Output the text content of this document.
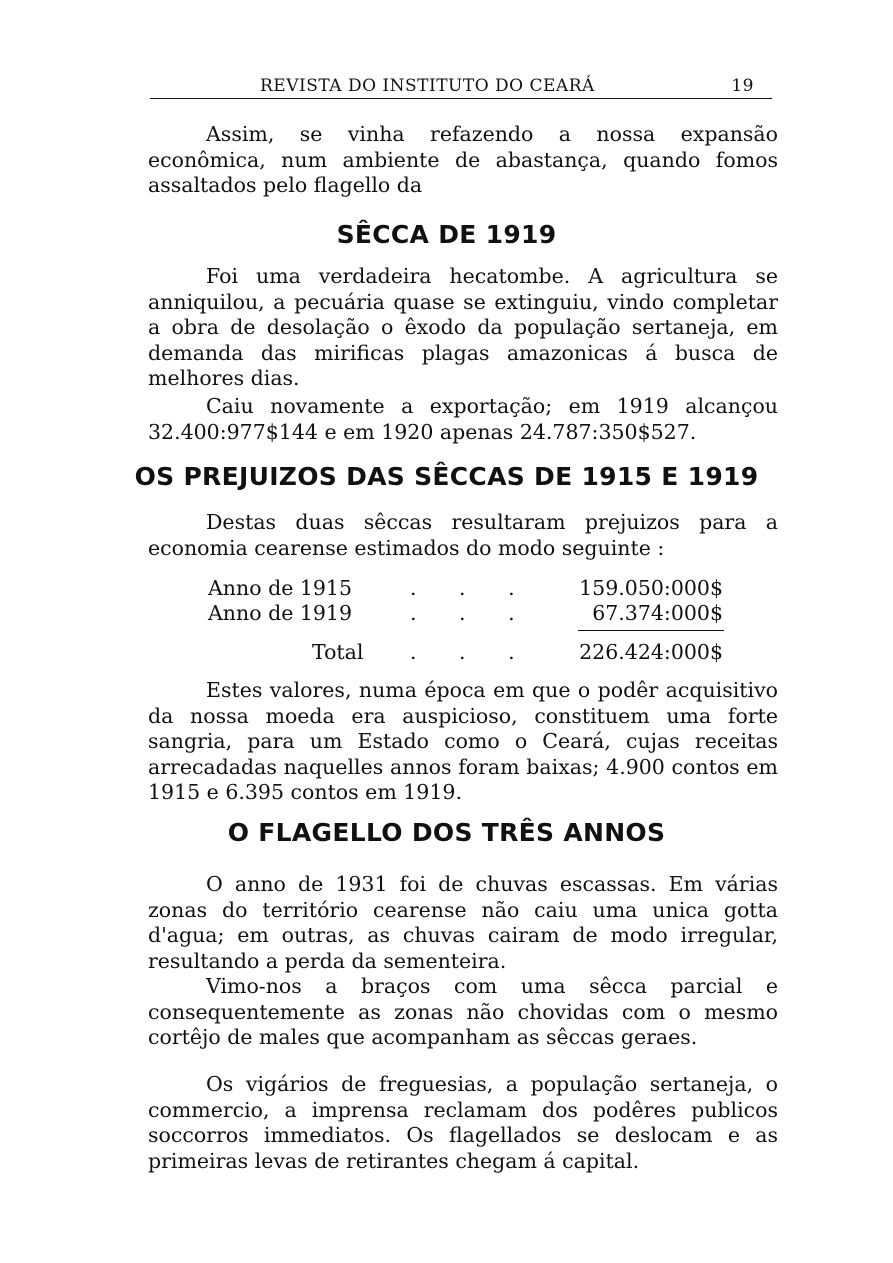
REVISTA DO INSTITUTO DO CEARÁ	19

Assim, se vinha refazendo a nossa expansão econômica, num ambiente de abastança, quando fomos assaltados pelo flagello da

SÊCCA DE 1919

Foi uma verdadeira hecatombe. A agricultura se anniquilou, a pecuária quase se extinguiu, vindo completar a obra de desolação o êxodo da população sertaneja, em demanda das mirificas plagas amazonicas á busca de melhores dias.

Caiu novamente a exportação; em 1919 alcançou 32.400:977$144 e em 1920 apenas 24.787:350$527.

OS PREJUIZOS DAS SÊCCAS DE 1915 E 1919

Destas duas sêccas resultaram prejuizos para a economia cearense estimados do modo seguinte :

Anno de 1915	. . . 159.050:000$
Anno de 1919	. . .	67.374:000$
Total . . . 226.424:000$

Estes valores, numa época em que o podêr acquisitivo da nossa moeda era auspicioso, constituem uma forte sangria, para um Estado como o Ceará, cujas receitas arrecadadas naquelles annos foram baixas; 4.900 contos em 1915 e 6.395 contos em 1919.

O FLAGELLO DOS TRÊS ANNOS

O anno de 1931 foi de chuvas escassas. Em várias zonas do território cearense não caiu uma unica gotta d'agua; em outras, as chuvas cairam de modo irregular, resultando a perda da sementeira.

Vimo-nos a braços com uma sêcca parcial e consequentemente as zonas não chovidas com o mesmo cortêjo de males que acompanham as sêccas geraes.

Os vigários de freguesias, a população sertaneja, o commercio, a imprensa reclamam dos podêres publicos soccorros immediatos. Os flagellados se deslocam e as primeiras levas de retirantes chegam á capital.
